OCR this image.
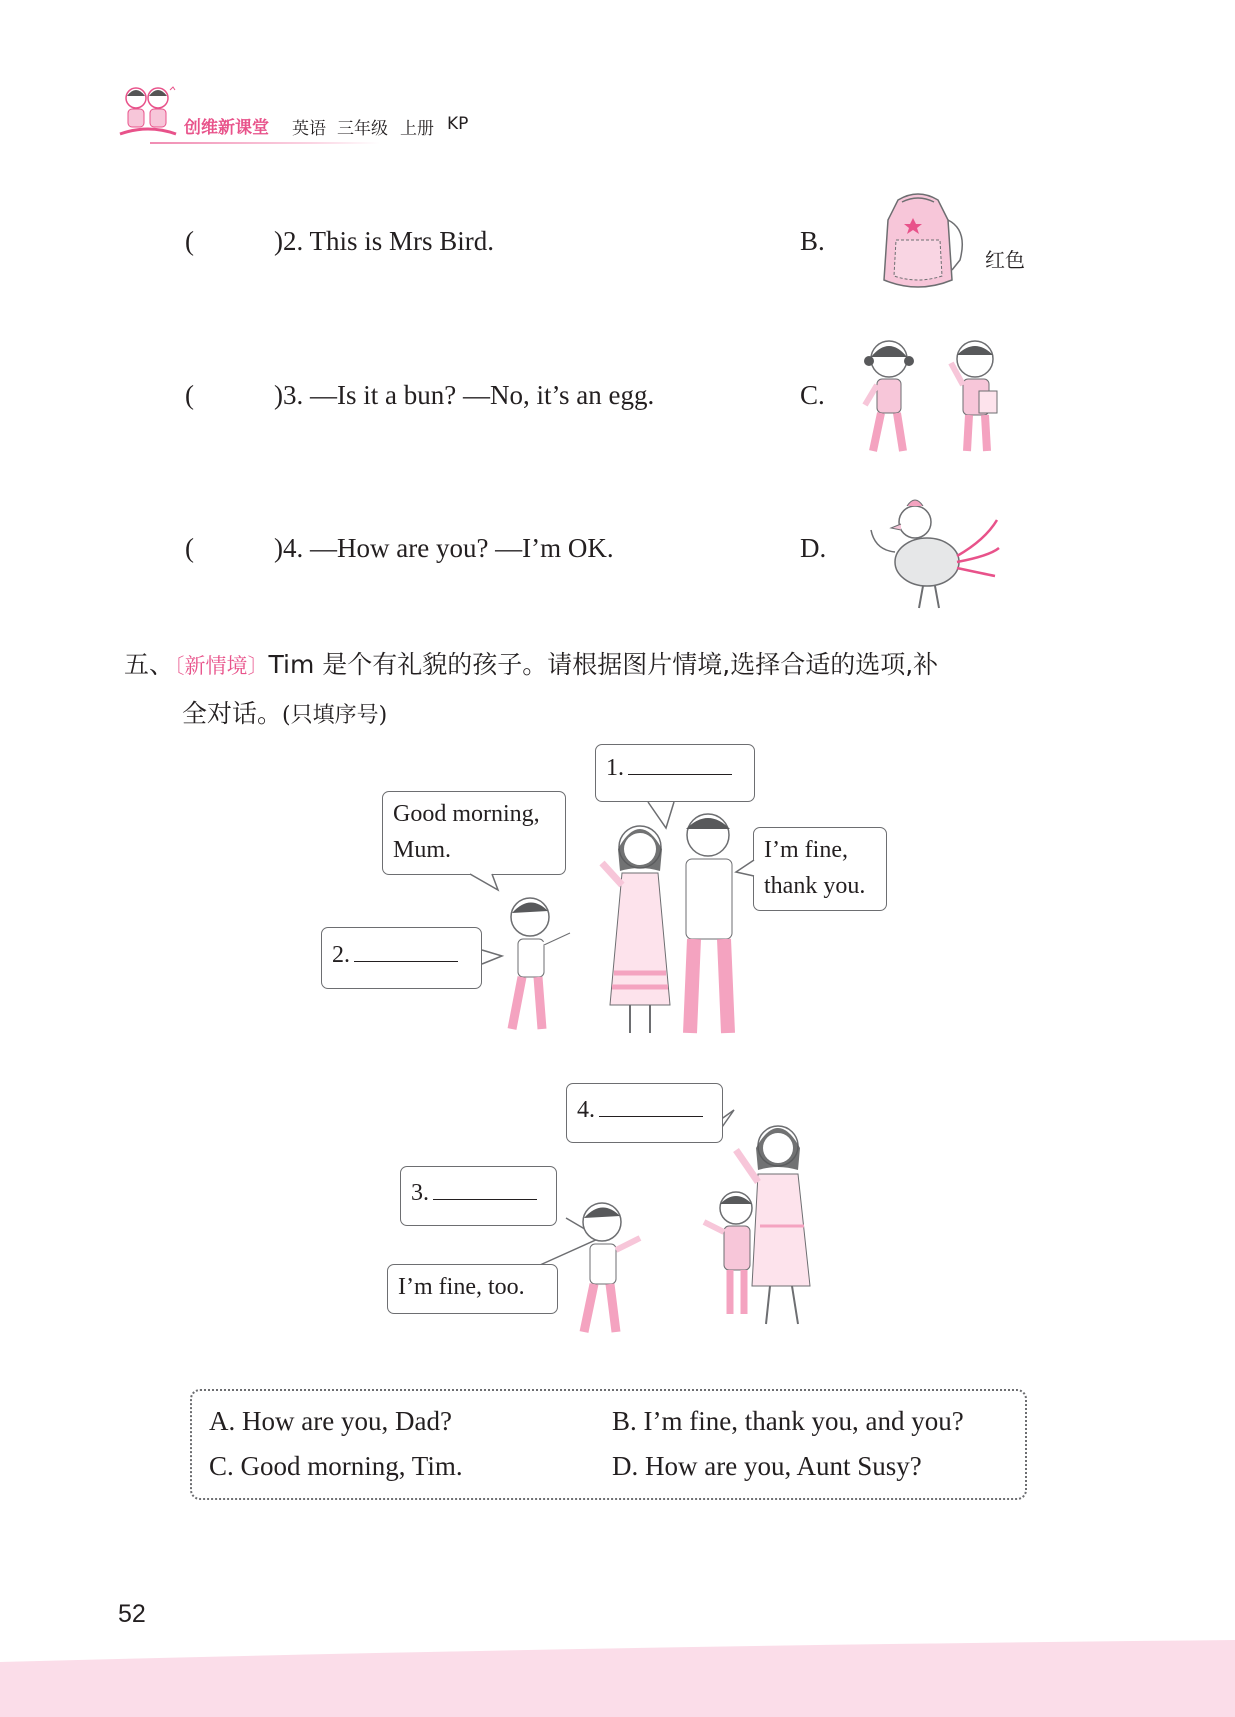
创维新课堂 英语 三年级 上册 KP
(	)2. This is Mrs Bird.	B.
红色
(	)3. —Is it a bun? —No, it’s an egg.	C.
(	)4. —How are you? —I’m OK.	D.
五、〔新情境〕Tim 是个有礼貌的孩子。请根据图片情境,选择合适的选项,补
全对话。(只填序号)
Good morning,
Mum.
1.
I’m fine,
thank you.
2.
4.
3.
I’m fine, too.
A. How are you, Dad?	B. I’m fine, thank you, and you?
C. Good morning, Tim.	D. How are you, Aunt Susy?
52
